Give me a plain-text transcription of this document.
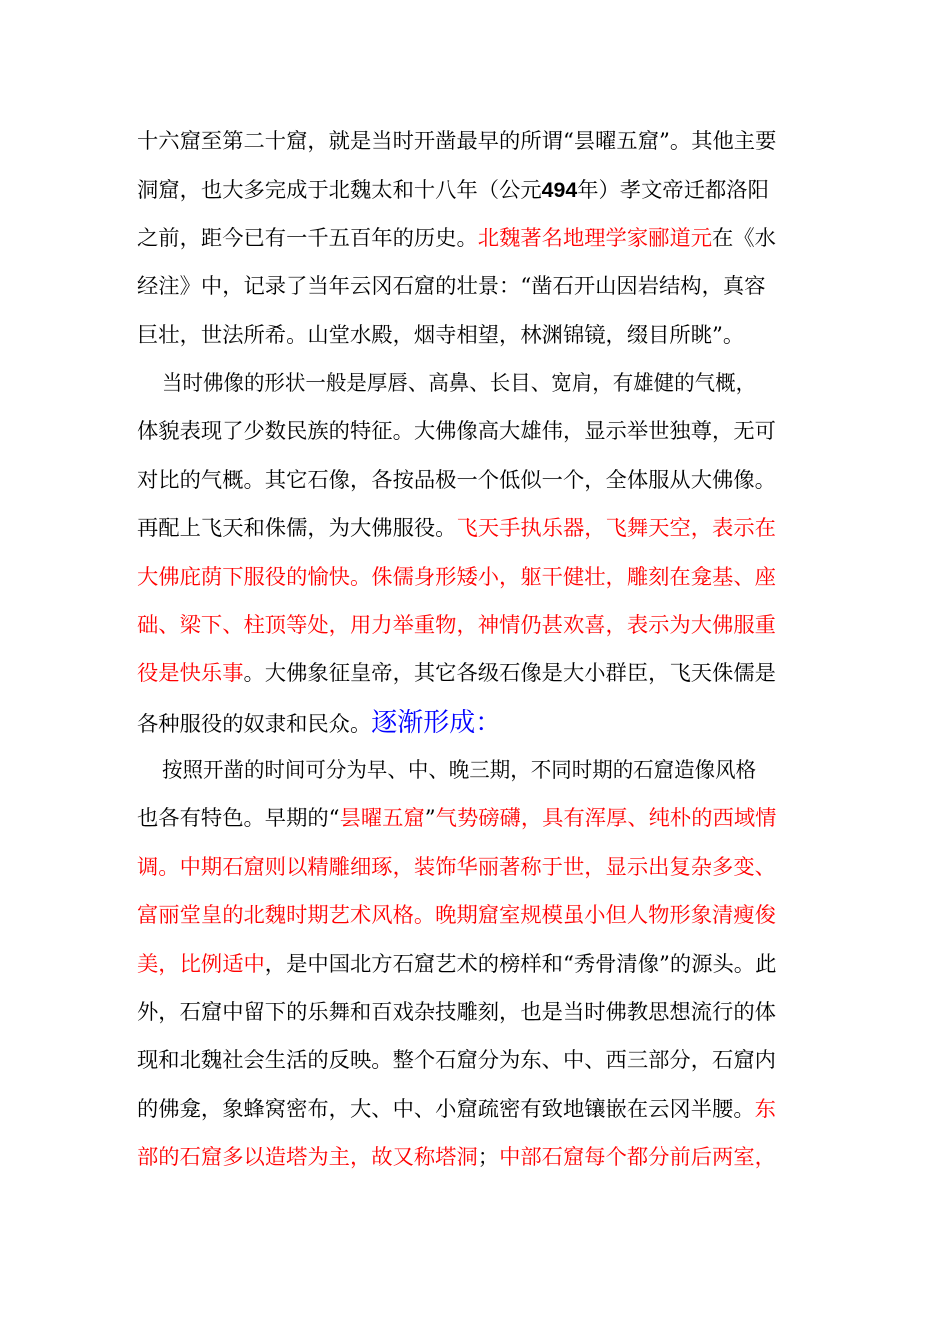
十六窟至第二十窟，就是当时开凿最早的所谓“昙曜五窟”。其他主要
洞窟，也大多完成于北魏太和十八年（公元494年）孝文帝迁都洛阳
之前，距今已有一千五百年的历史。北魏著名地理学家郦道元在《水
经注》中，记录了当年云冈石窟的壮景：“凿石开山因岩结构，真容
巨壮，世法所希。山堂水殿，烟寺相望，林渊锦镜，缀目所眺”。
当时佛像的形状一般是厚唇、高鼻、长目、宽肩，有雄健的气概，
体貌表现了少数民族的特征。大佛像高大雄伟，显示举世独尊，无可
对比的气概。其它石像，各按品极一个低似一个，全体服从大佛像。
再配上飞天和侏儒，为大佛服役。飞天手执乐器，飞舞天空，表示在
大佛庇荫下服役的愉快。侏儒身形矮小，躯干健壮，雕刻在龛基、座
础、梁下、柱顶等处，用力举重物，神情仍甚欢喜，表示为大佛服重
役是快乐事。大佛象征皇帝，其它各级石像是大小群臣，飞天侏儒是
各种服役的奴隶和民众。逐渐形成：
按照开凿的时间可分为早、中、晚三期，不同时期的石窟造像风格
也各有特色。早期的“昙曜五窟”气势磅礴，具有浑厚、纯朴的西域情
调。中期石窟则以精雕细琢，装饰华丽著称于世，显示出复杂多变、
富丽堂皇的北魏时期艺术风格。晚期窟室规模虽小但人物形象清瘦俊
美，比例适中，是中国北方石窟艺术的榜样和“秀骨清像”的源头。此
外，石窟中留下的乐舞和百戏杂技雕刻，也是当时佛教思想流行的体
现和北魏社会生活的反映。整个石窟分为东、中、西三部分，石窟内
的佛龛，象蜂窝密布，大、中、小窟疏密有致地镶嵌在云冈半腰。东
部的石窟多以造塔为主，故又称塔洞；中部石窟每个都分前后两室，
